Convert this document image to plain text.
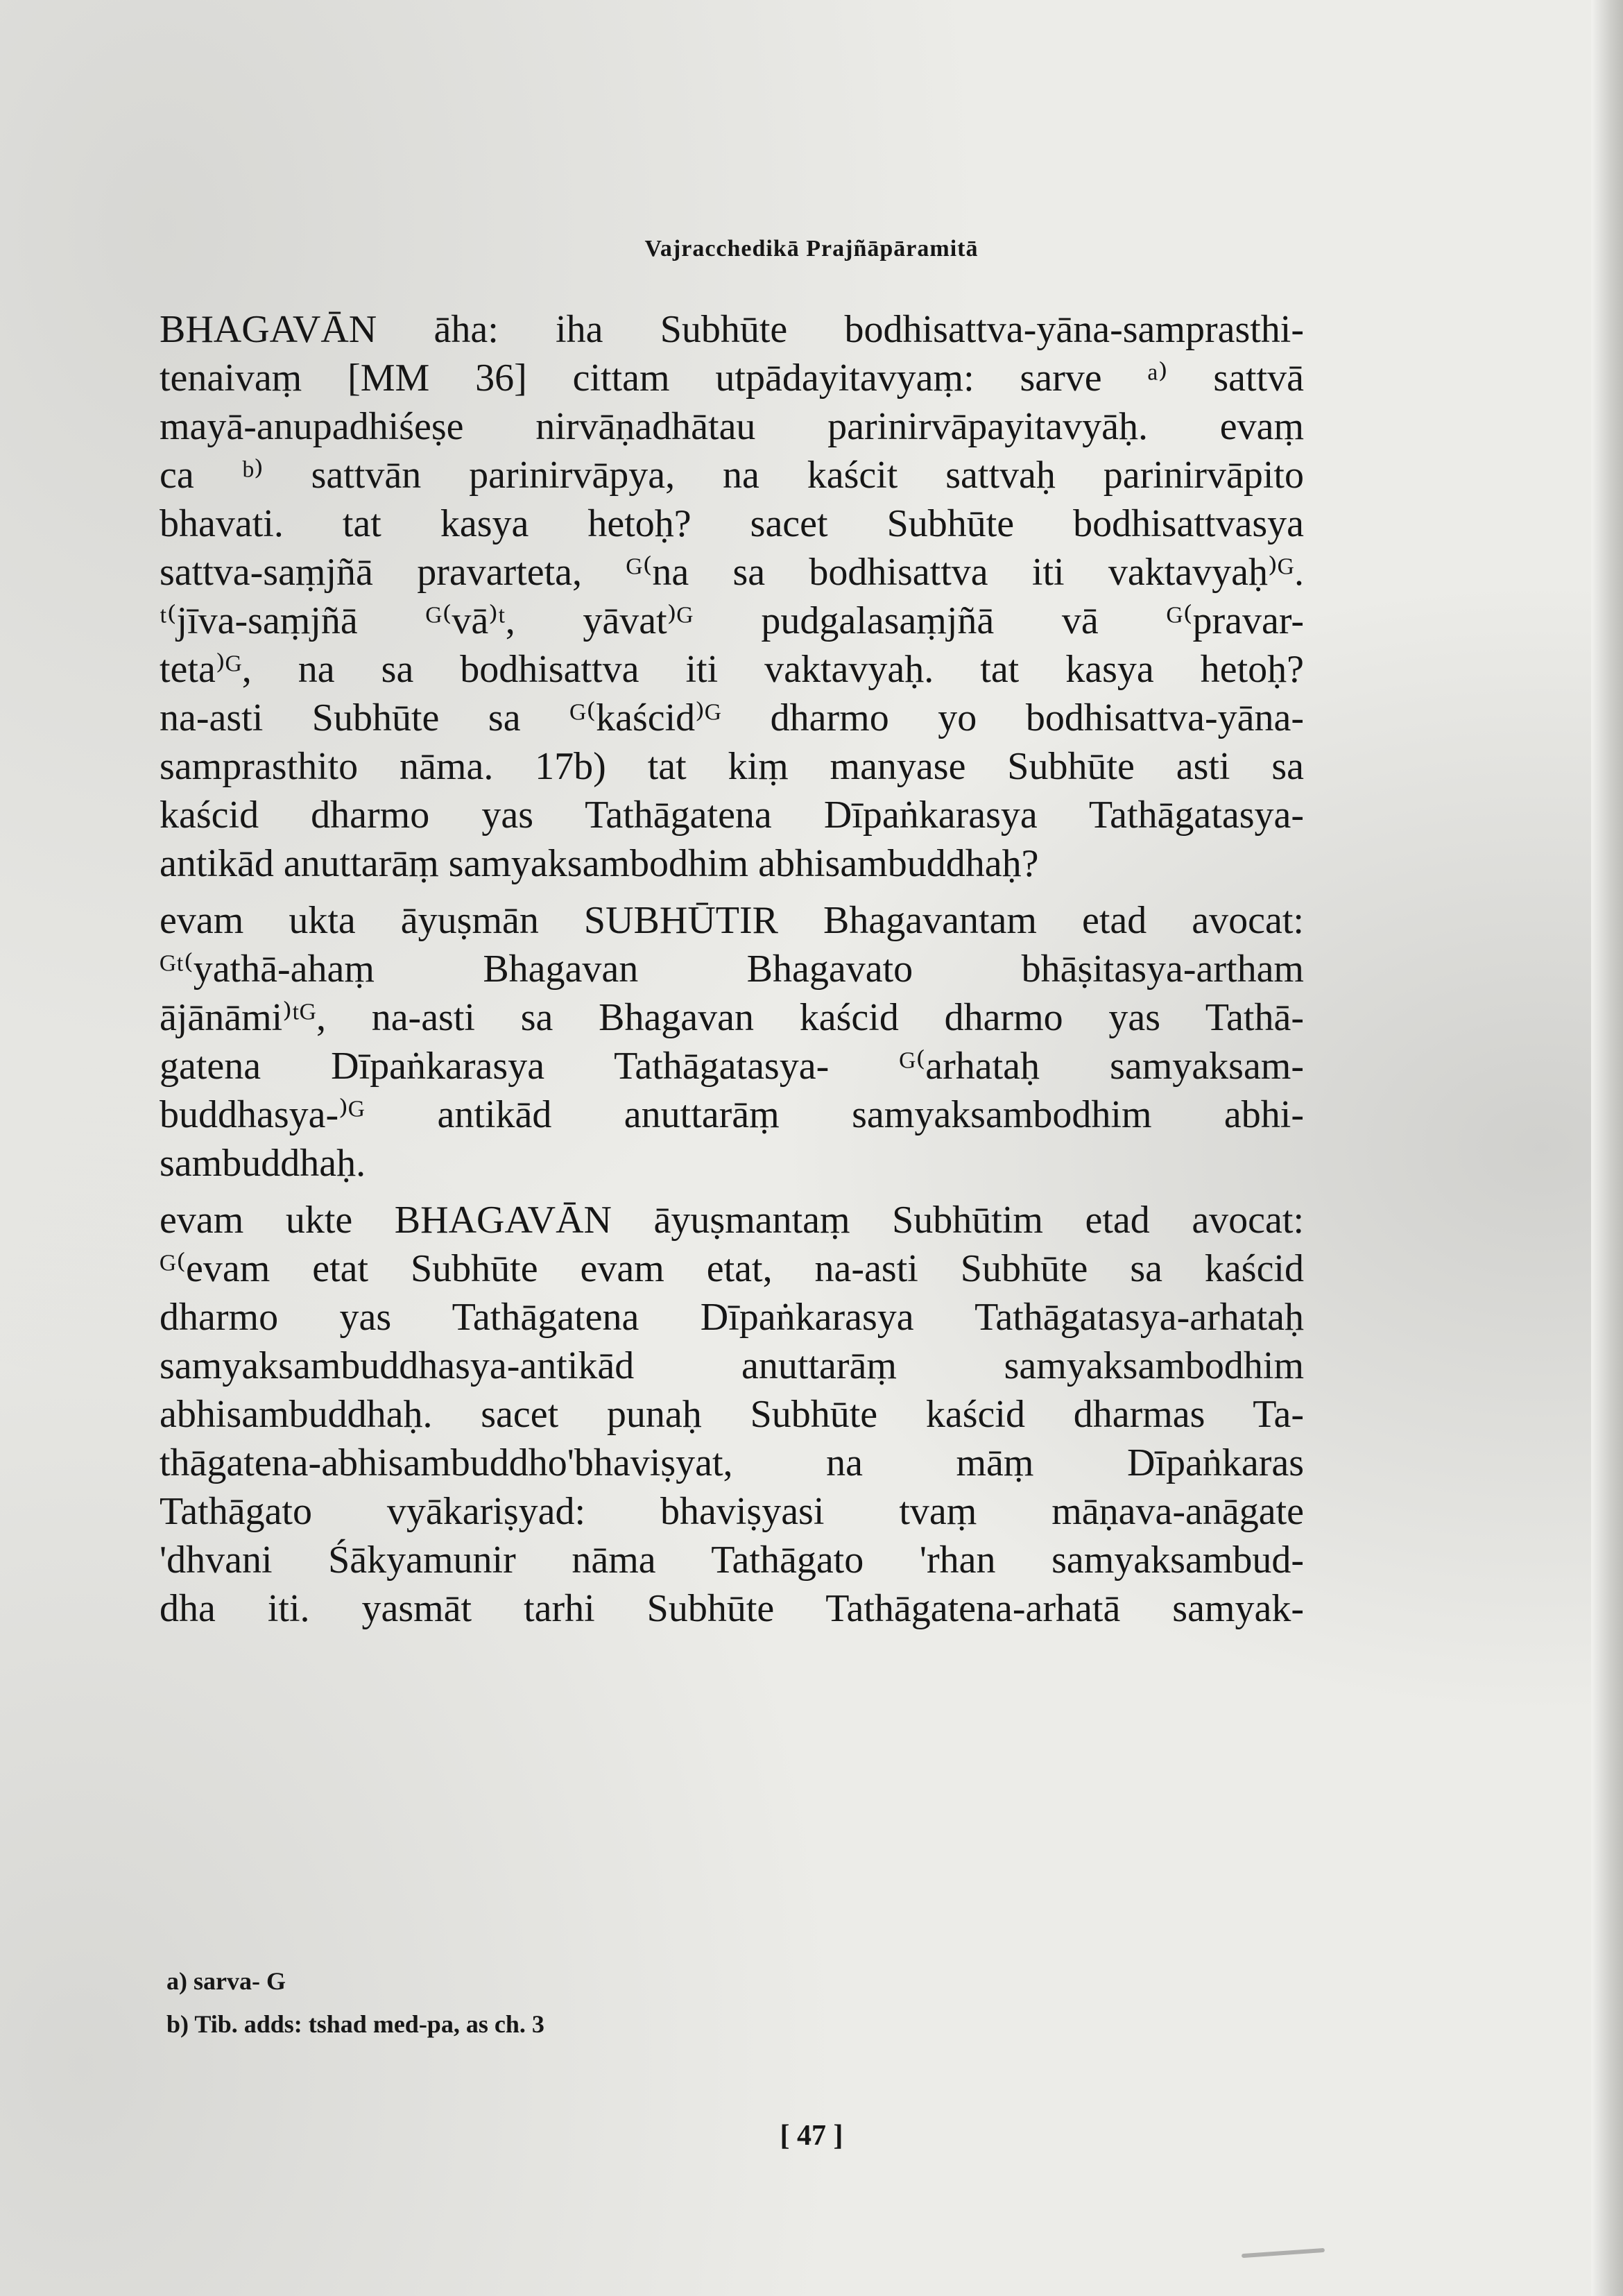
Vajracchedikā Prajñāpāramitā
BHAGAVĀN āha: iha Subhūte bodhisattva-yāna-samprasthi-
tenaivaṃ [MM 36] cittam utpādayitavyaṃ: sarve ᵃ⁾ sattvā
mayā-anupadhiśeṣe nirvāṇadhātau parinirvāpayitavyāḥ. evaṃ
ca ᵇ⁾ sattvān parinirvāpya, na kaścit sattvaḥ parinirvāpito
bhavati. tat kasya hetoḥ? sacet Subhūte bodhisattvasya
sattva-saṃjñā pravarteta, ᴳ⁽na sa bodhisattva iti vaktavyaḥ⁾ᴳ.
ᵗ⁽jīva-saṃjñā ᴳ⁽vā⁾ᵗ, yāvat⁾ᴳ pudgalasaṃjñā vā ᴳ⁽pravar-
teta⁾ᴳ, na sa bodhisattva iti vaktavyaḥ. tat kasya hetoḥ?
na-asti Subhūte sa ᴳ⁽kaścid⁾ᴳ dharmo yo bodhisattva-yāna-
samprasthito nāma. 17b) tat kiṃ manyase Subhūte asti sa
kaścid dharmo yas Tathāgatena Dīpaṅkarasya Tathāgatasya-
antikād anuttarāṃ samyaksambodhim abhisambuddhaḥ?
evam ukta āyuṣmān SUBHŪTIR Bhagavantam etad avocat:
ᴳᵗ⁽yathā-ahaṃ Bhagavan Bhagavato bhāṣitasya-artham
ājānāmi⁾ᵗᴳ, na-asti sa Bhagavan kaścid dharmo yas Tathā-
gatena Dīpaṅkarasya Tathāgatasya- ᴳ⁽arhataḥ samyaksam-
buddhasya-⁾ᴳ antikād anuttarāṃ samyaksambodhim abhi-
sambuddhaḥ.
evam ukte BHAGAVĀN āyuṣmantaṃ Subhūtim etad avocat:
ᴳ⁽evam etat Subhūte evam etat, na-asti Subhūte sa kaścid
dharmo yas Tathāgatena Dīpaṅkarasya Tathāgatasya-arhataḥ
samyaksambuddhasya-antikād anuttarāṃ samyaksambodhim
abhisambuddhaḥ. sacet punaḥ Subhūte kaścid dharmas Ta-
thāgatena-abhisambuddho'bhaviṣyat, na māṃ Dīpaṅkaras
Tathāgato vyākariṣyad: bhaviṣyasi tvaṃ māṇava-anāgate
'dhvani Śākyamunir nāma Tathāgato 'rhan samyaksambud-
dha iti. yasmāt tarhi Subhūte Tathāgatena-arhatā samyak-
a) sarva- G
b) Tib. adds: tshad med-pa, as ch. 3
[ 47 ]
